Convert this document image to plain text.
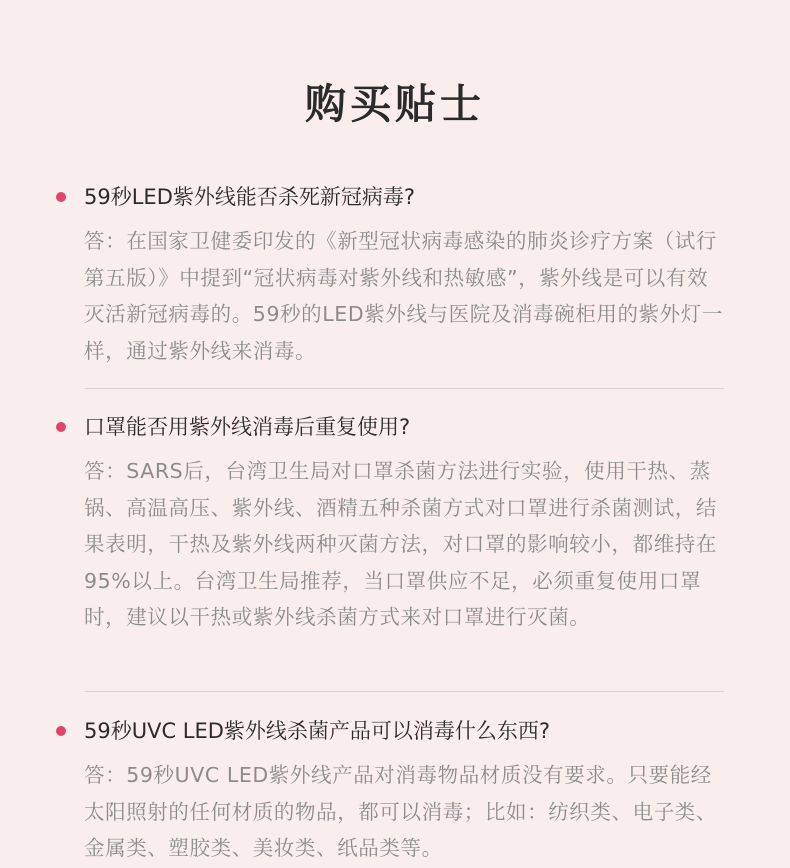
购买贴士
59秒LED紫外线能否杀死新冠病毒?
答：在国家卫健委印发的《新型冠状病毒感染的肺炎诊疗方案（试行第五版）》中提到“冠状病毒对紫外线和热敏感”，紫外线是可以有效灭活新冠病毒的。59秒的LED紫外线与医院及消毒碗柜用的紫外灯一样，通过紫外线来消毒。
口罩能否用紫外线消毒后重复使用?
答：SARS后，台湾卫生局对口罩杀菌方法进行实验，使用干热、蒸锅、高温高压、紫外线、酒精五种杀菌方式对口罩进行杀菌测试，结果表明，干热及紫外线两种灭菌方法，对口罩的影响较小，都维持在95%以上。台湾卫生局推荐，当口罩供应不足，必须重复使用口罩时，建议以干热或紫外线杀菌方式来对口罩进行灭菌。
59秒UVC LED紫外线杀菌产品可以消毒什么东西?
答：59秒UVC LED紫外线产品对消毒物品材质没有要求。只要能经太阳照射的任何材质的物品，都可以消毒；比如：纺织类、电子类、金属类、塑胶类、美妆类、纸品类等。
